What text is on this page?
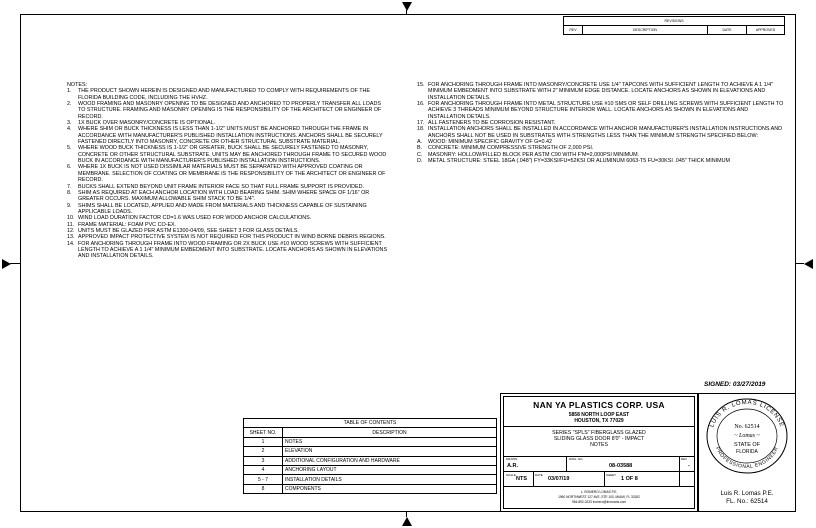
REVISIONS
REV	DESCRIPTION	DATE	APPROVED
NOTES:
1.	THE PRODUCT SHOWN HEREIN IS DESIGNED AND MANUFACTURED TO COMPLY WITH REQUIREMENTS OF THE FLORIDA BUILDING CODE, INCLUDING THE HVHZ.
2.	WOOD FRAMING AND MASONRY OPENING TO BE DESIGNED AND ANCHORED TO PROPERLY TRANSFER ALL LOADS TO STRUCTURE. FRAMING AND MASONRY OPENING IS THE RESPONSIBILITY OF THE ARCHITECT OR ENGINEER OF RECORD.
3.	1X BUCK OVER MASONRY/CONCRETE IS OPTIONAL.
4.	WHERE SHIM OR BUCK THICKNESS IS LESS THAN 1-1/2" UNITS MUST BE ANCHORED THROUGH THE FRAME IN ACCORDANCE WITH MANUFACTURER'S PUBLISHED INSTALLATION INSTRUCTIONS. ANCHORS SHALL BE SECURELY FASTENED DIRECTLY INTO MASONRY, CONCRETE OR OTHER STRUCTURAL SUBSTRATE MATERIAL.
5.	WHERE WOOD BUCK THICKNESS IS 1-1/2" OR GREATER, BUCK SHALL BE SECURELY FASTENED TO MASONRY, CONCRETE OR OTHER STRUCTURAL SUBSTRATE. UNITS MAY BE ANCHORED THROUGH FRAME TO SECURED WOOD BUCK IN ACCORDANCE WITH MANUFACTURER'S PUBLISHED INSTALLATION INSTRUCTIONS.
6.	WHERE 1X BUCK IS NOT USED DISSIMILAR MATERIALS MUST BE SEPARATED WITH APPROVED COATING OR MEMBRANE. SELECTION OF COATING OR MEMBRANE IS THE RESPONSIBILITY OF THE ARCHITECT OR ENGINEER OF RECORD.
7.	BUCKS SHALL EXTEND BEYOND UNIT FRAME INTERIOR FACE SO THAT FULL FRAME SUPPORT IS PROVIDED.
8.	SHIM AS REQUIRED AT EACH ANCHOR LOCATION WITH LOAD BEARING SHIM. SHIM WHERE SPACE OF 1/16" OR GREATER OCCURS. MAXIMUM ALLOWABLE SHIM STACK TO BE 1/4".
9.	SHIMS SHALL BE LOCATED, APPLIED AND MADE FROM MATERIALS AND THICKNESS CAPABLE OF SUSTAINING APPLICABLE LOADS.
10. WIND LOAD DURATION FACTOR CD=1.6 WAS USED FOR WOOD ANCHOR CALCULATIONS.
11. FRAME MATERIAL: FOAM PVC CO-EX.
12. UNITS MUST BE GLAZED PER ASTM E1300-04/09, SEE SHEET 3 FOR GLASS DETAILS.
13. APPROVED IMPACT PROTECTIVE SYSTEM IS NOT REQUIRED FOR THIS PRODUCT IN WIND BORNE DEBRIS REGIONS.
14. FOR ANCHORING THROUGH FRAME INTO WOOD FRAMING OR 2X BUCK USE #10 WOOD SCREWS WITH SUFFICIENT LENGTH TO ACHIEVE A 1 1/4" MINIMUM EMBEDMENT INTO SUBSTRATE. LOCATE ANCHORS AS SHOWN IN ELEVATIONS AND INSTALLATION DETAILS.
15. FOR ANCHORING THROUGH FRAME INTO MASONRY/CONCRETE USE 1/4" TAPCONS WITH SUFFICIENT LENGTH TO ACHIEVE A 1 1/4" MINIMUM EMBEDMENT INTO SUBSTRATE WITH 2" MINIMUM EDGE DISTANCE. LOCATE ANCHORS AS SHOWN IN ELEVATIONS AND INSTALLATION DETAILS.
16. FOR ANCHORING THROUGH FRAME INTO METAL STRUCTURE USE #10 SMS OR SELF DRILLING SCREWS WITH SUFFICIENT LENGTH TO ACHIEVE 3 THREADS MINIMUM BEYOND STRUCTURE INTERIOR WALL. LOCATE ANCHORS AS SHOWN IN ELEVATIONS AND INSTALLATION DETAILS.
17. ALL FASTENERS TO BE CORROSION RESISTANT.
18. INSTALLATION ANCHORS SHALL BE INSTALLED IN ACCORDANCE WITH ANCHOR MANUFACTURER'S INSTALLATION INSTRUCTIONS AND ANCHORS SHALL NOT BE USED IN SUBSTRATES WITH STRENGTHS LESS THAN THE MINIMUM STRENGTH SPECIFIED BELOW:
A.	WOOD: MINIMUM SPECIFIC GRAVITY OF G=0.42
B.	CONCRETE: MINIMUM COMPRESSIVE STRENGTH OF 2,000 PSI.
C.	MASONRY: HOLLOW/FILLED BLOCK PER ASTM C90 WITH F'M=2,000PSI MINIMUM.
D.	METAL STRUCTURE: STEEL 18GA (.048") FY=33KSI/FU=52KSI OR ALUMINUM 6063-T5 FU=30KSI .045" THICK MINIMUM
TABLE OF CONTENTS	
SHEET NO.	DESCRIPTION
1	NOTES
2	ELEVATION
3	ADDITIONAL CONFIGURATION AND HARDWARE
4	ANCHORING LAYOUT
5 - 7	INSTALLATION DETAILS
8	COMPONENTS
NAN YA PLASTICS CORP. USA
5858 NORTH LOOP EAST
HOUSTON, TX 77029
SERIES "SPLS" FIBERGLASS GLAZED
SLIDING GLASS DOOR 8'0" - IMPACT
NOTES
DRAWN:
A.R.
DWG. NO.
08-03588
REV
-
SCALE
NTS
DATE
03/07/19
SHEET
1 OF 8
L. ROMERO LOMAS P.E.
1960 NORTHWEST 127 AVE, STE 100, MIAMI, FL 33182
954-892-0233 lromero@lrromans.com
SIGNED: 03/27/2019
LUIS R. LOMAS LICENSE
PROFESSIONAL ENGINEER
No. 62514
~ Lomas ~
STATE OF
FLORIDA
Luis R. Lomas P.E.
FL. No.: 62514
